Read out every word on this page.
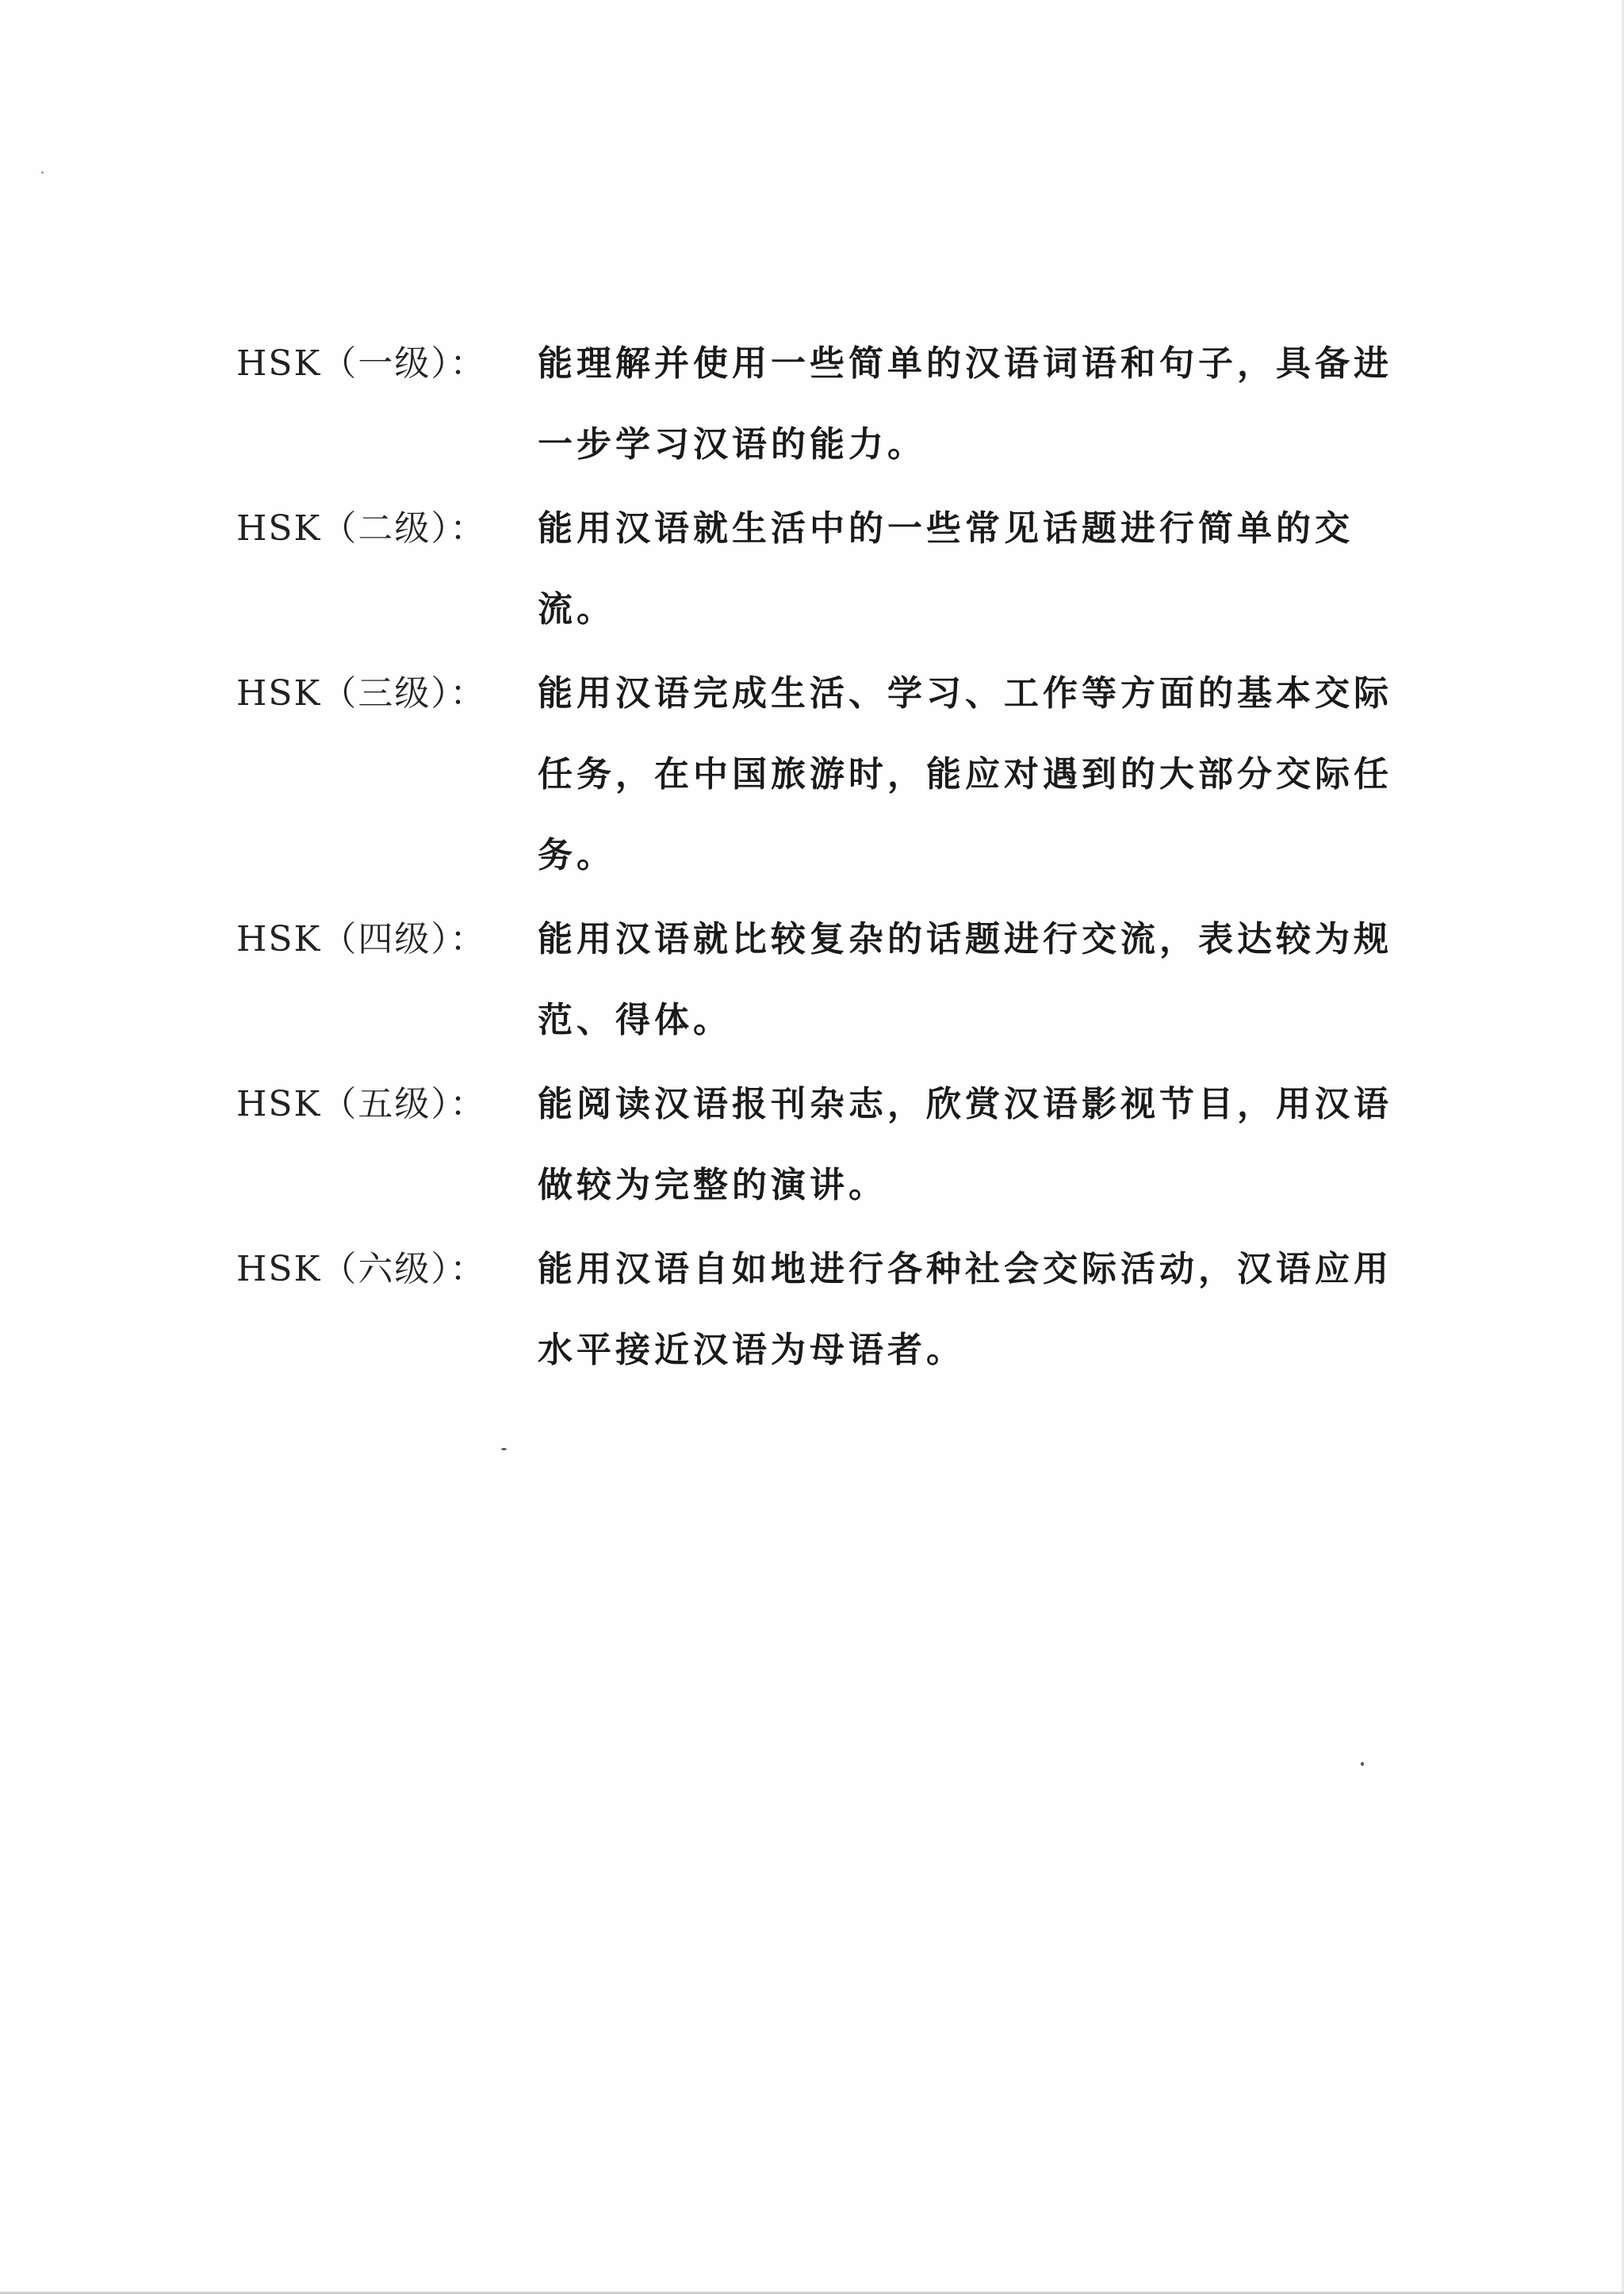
HSK（一级）：	能理解并使用一些简单的汉语词语和句子，具备进一步学习汉语的能力。
HSK（二级）：	能用汉语就生活中的一些常见话题进行简单的交流。
HSK（三级）：	能用汉语完成生活、学习、工作等方面的基本交际任务，在中国旅游时，能应对遇到的大部分交际任务。
HSK（四级）：	能用汉语就比较复杂的话题进行交流，表达较为规范、得体。
HSK（五级）：	能阅读汉语报刊杂志，欣赏汉语影视节目，用汉语做较为完整的演讲。
HSK（六级）：	能用汉语自如地进行各种社会交际活动，汉语应用水平接近汉语为母语者。
